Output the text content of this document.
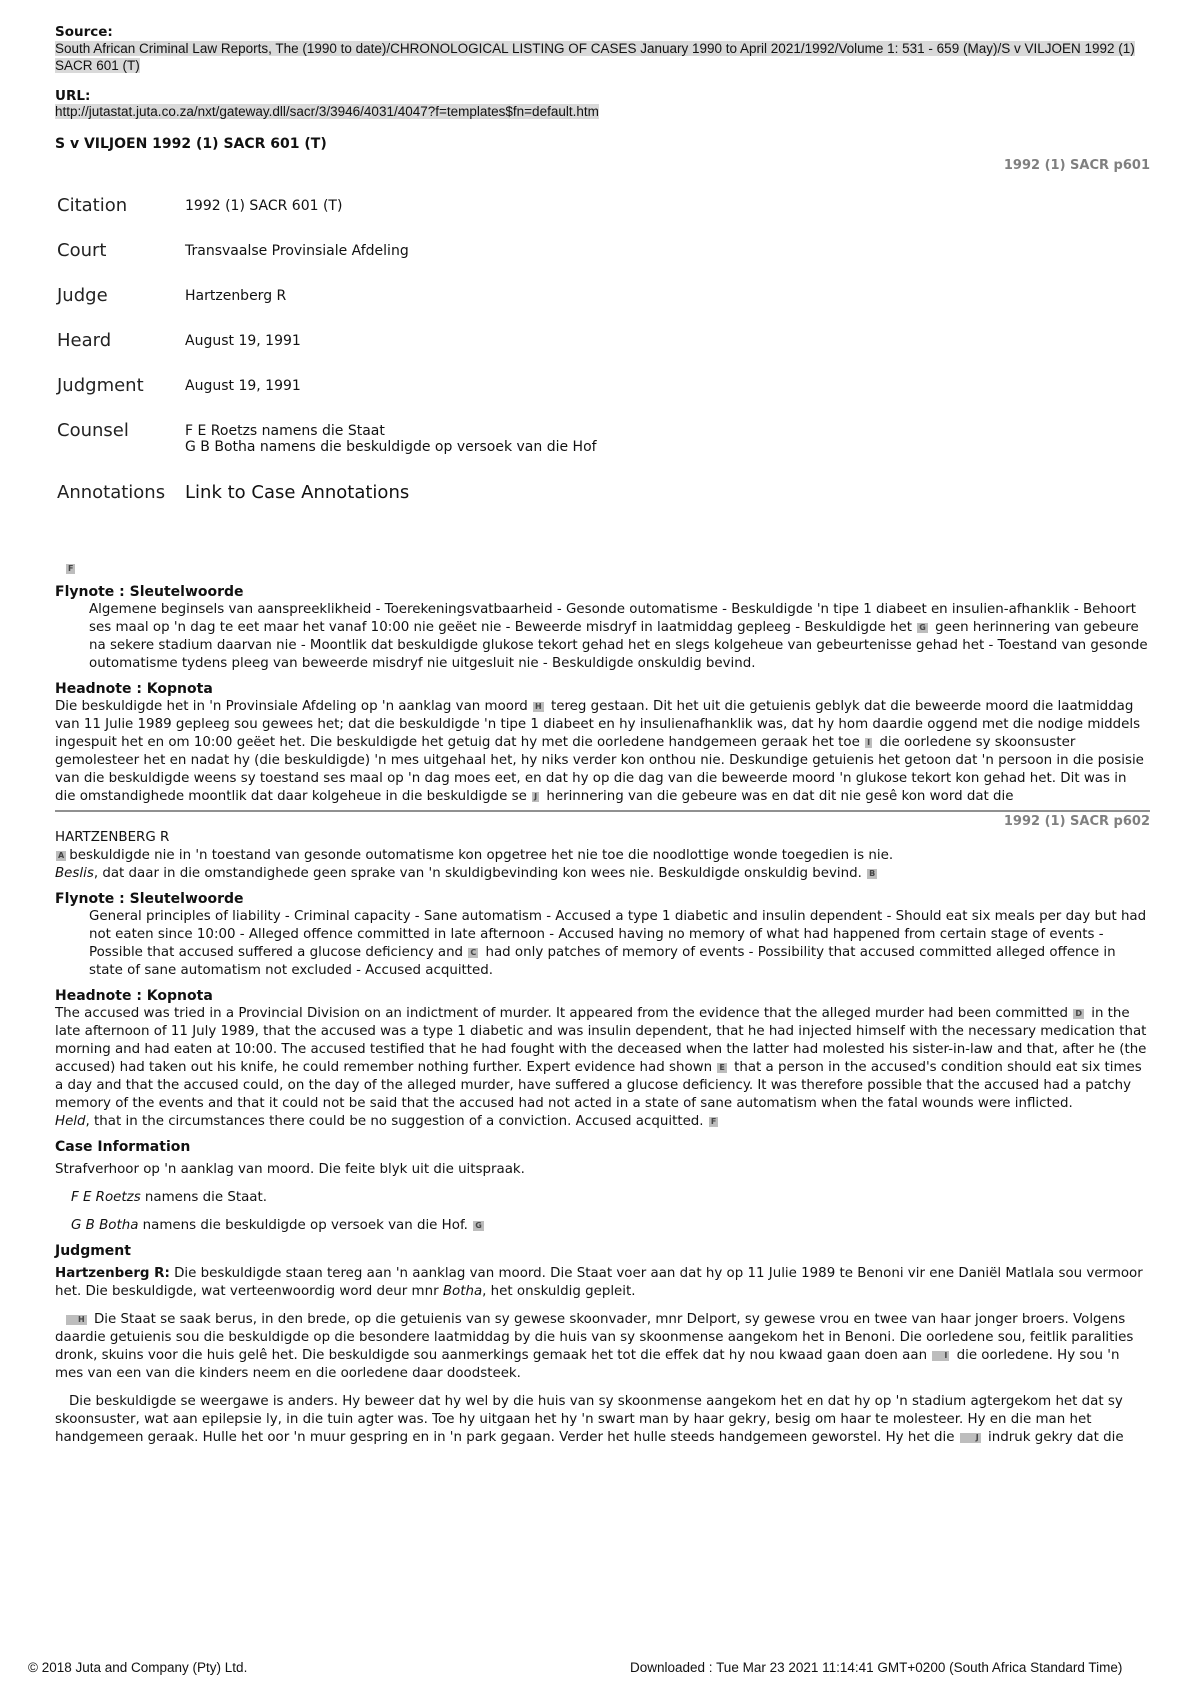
Source:

South African Criminal Law Reports, The (1990 to date)/CHRONOLOGICAL LISTING OF CASES January 1990 to April 2021/1992/Volume 1: 531 - 659 (May)/S v VILJOEN 1992 (1) SACR 601 (T)

URL:

http://jutastat.juta.co.za/nxt/gateway.dll/sacr/3/3946/4031/4047?f=templates$fn=default.htm
S v VILJOEN 1992 (1) SACR 601 (T)
1992 (1) SACR p601
Citation	1992 (1) SACR 601 (T)
Court	Transvaalse Provinsiale Afdeling
Judge	Hartzenberg R
Heard	August 19, 1991
Judgment	August 19, 1991
Counsel	F E Roetzs namens die Staat
G B Botha namens die beskuldigde op versoek van die Hof

Annotations	Link to Case Annotations
F
Flynote : Sleutelwoorde
Algemene beginsels van aanspreeklikheid - Toerekeningsvatbaarheid - Gesonde outomatisme - Beskuldigde 'n tipe 1 diabeet en insulien-afhanklik - Behoort ses maal op 'n dag te eet maar het vanaf 10:00 nie geëet nie - Beweerde misdryf in laatmiddag gepleeg - Beskuldigde het G geen herinnering van gebeure na sekere stadium daarvan nie - Moontlik dat beskuldigde glukose tekort gehad het en slegs kolgeheue van gebeurtenisse gehad het - Toestand van gesonde outomatisme tydens pleeg van beweerde misdryf nie uitgesluit nie - Beskuldigde onskuldig bevind.
Headnote : Kopnota

Die beskuldigde het in 'n Provinsiale Afdeling op 'n aanklag van moord H tereg gestaan. Dit het uit die getuienis geblyk dat die beweerde moord die laatmiddag van 11 Julie 1989 gepleeg sou gewees het; dat die beskuldigde 'n tipe 1 diabeet en hy insulienafhanklik was, dat hy hom daardie oggend met die nodige middels ingespuit het en om 10:00 geëet het. Die beskuldigde het getuig dat hy met die oorledene handgemeen geraak het toe I die oorledene sy skoonsuster gemolesteer het en nadat hy (die beskuldigde) 'n mes uitgehaal het, hy niks verder kon onthou nie. Deskundige getuienis het getoon dat 'n persoon in die posisie van die beskuldigde weens sy toestand ses maal op 'n dag moes eet, en dat hy op die dag van die beweerde moord 'n glukose tekort kon gehad het. Dit was in die omstandighede moontlik dat daar kolgeheue in die beskuldigde se J herinnering van die gebeure was en dat dit nie gesê kon word dat die

1992 (1) SACR p602
HARTZENBERG R

A beskuldigde nie in 'n toestand van gesonde outomatisme kon opgetree het nie toe die noodlottige wonde toegedien is nie.
Beslis, dat daar in die omstandighede geen sprake van 'n skuldigbevinding kon wees nie. Beskuldigde onskuldig bevind. B

Flynote : Sleutelwoorde
General principles of liability - Criminal capacity - Sane automatism - Accused a type 1 diabetic and insulin dependent - Should eat six meals per day but had not eaten since 10:00 - Alleged offence committed in late afternoon - Accused having no memory of what had happened from certain stage of events - Possible that accused suffered a glucose deficiency and C had only patches of memory of events - Possibility that accused committed alleged offence in state of sane automatism not excluded - Accused acquitted.
Headnote : Kopnota

The accused was tried in a Provincial Division on an indictment of murder. It appeared from the evidence that the alleged murder had been committed D in the late afternoon of 11 July 1989, that the accused was a type 1 diabetic and was insulin dependent, that he had injected himself with the necessary medication that morning and had eaten at 10:00. The accused testified that he had fought with the deceased when the latter had molested his sister-in-law and that, after he (the accused) had taken out his knife, he could remember nothing further. Expert evidence had shown E that a person in the accused's condition should eat six times a day and that the accused could, on the day of the alleged murder, have suffered a glucose deficiency. It was therefore possible that the accused had a patchy memory of the events and that it could not be said that the accused had not acted in a state of sane automatism when the fatal wounds were inflicted.
Held, that in the circumstances there could be no suggestion of a conviction. Accused acquitted. F

Case Information

Strafverhoor op 'n aanklag van moord. Die feite blyk uit die uitspraak.

F E Roetzs namens die Staat.

G B Botha namens die beskuldigde op versoek van die Hof. G

Judgment

Hartzenberg R: Die beskuldigde staan tereg aan 'n aanklag van moord. Die Staat voer aan dat hy op 11 Julie 1989 te Benoni vir ene Daniël Matlala sou vermoor het. Die beskuldigde, wat verteenwoordig word deur mnr Botha, het onskuldig gepleit.

H Die Staat se saak berus, in den brede, op die getuienis van sy gewese skoonvader, mnr Delport, sy gewese vrou en twee van haar jonger broers. Volgens daardie getuienis sou die beskuldigde op die besondere laatmiddag by die huis van sy skoonmense aangekom het in Benoni. Die oorledene sou, feitlik paralities dronk, skuins voor die huis gelê het. Die beskuldigde sou aanmerkings gemaak het tot die effek dat hy nou kwaad gaan doen aan I die oorledene. Hy sou 'n mes van een van die kinders neem en die oorledene daar doodsteek.

Die beskuldigde se weergawe is anders. Hy beweer dat hy wel by die huis van sy skoonmense aangekom het en dat hy op 'n stadium agtergekom het dat sy skoonsuster, wat aan epilepsie ly, in die tuin agter was. Toe hy uitgaan het hy 'n swart man by haar gekry, besig om haar te molesteer. Hy en die man het handgemeen geraak. Hulle het oor 'n muur gespring en in 'n park gegaan. Verder het hulle steeds handgemeen geworstel. Hy het die	J indruk gekry dat die

© 2018 Juta and Company (Pty) Ltd.	Downloaded : Tue Mar 23 2021 11:14:41 GMT+0200 (South Africa Standard Time)
